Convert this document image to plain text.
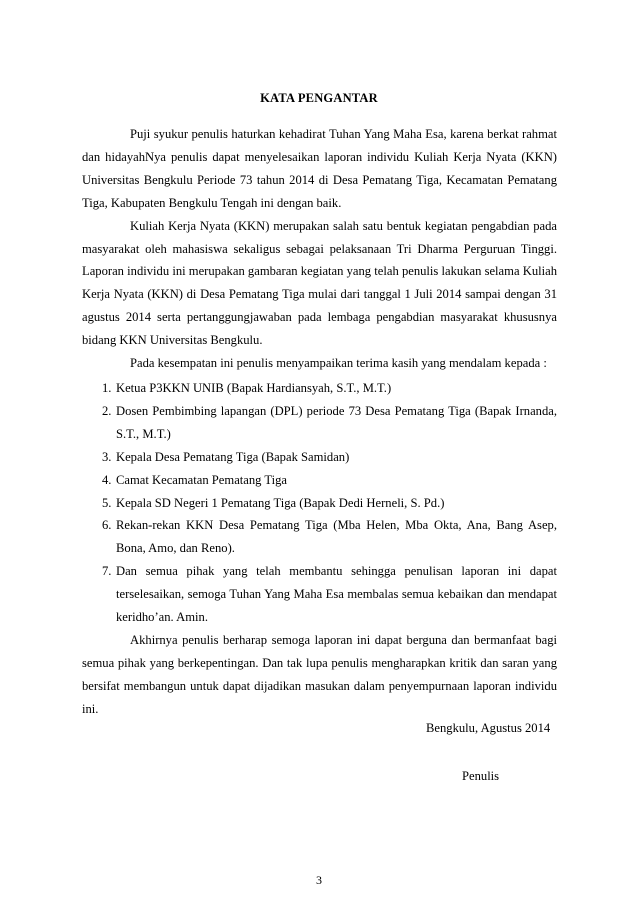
KATA PENGANTAR

Puji syukur penulis haturkan kehadirat Tuhan Yang Maha Esa, karena berkat rahmat dan hidayahNya penulis dapat menyelesaikan laporan individu Kuliah Kerja Nyata (KKN) Universitas Bengkulu Periode 73 tahun 2014 di Desa Pematang Tiga, Kecamatan Pematang Tiga, Kabupaten Bengkulu Tengah ini dengan baik.

Kuliah Kerja Nyata (KKN) merupakan salah satu bentuk kegiatan pengabdian pada masyarakat oleh mahasiswa sekaligus sebagai pelaksanaan Tri Dharma Perguruan Tinggi. Laporan individu ini merupakan gambaran kegiatan yang telah penulis lakukan selama Kuliah Kerja Nyata (KKN) di Desa Pematang Tiga mulai dari tanggal 1 Juli 2014 sampai dengan 31 agustus 2014 serta pertanggungjawaban pada lembaga pengabdian masyarakat khususnya bidang KKN Universitas Bengkulu.

Pada kesempatan ini penulis menyampaikan terima kasih yang mendalam kepada :

1. Ketua P3KKN UNIB (Bapak Hardiansyah, S.T., M.T.)
2. Dosen Pembimbing lapangan (DPL) periode 73 Desa Pematang Tiga (Bapak Irnanda, S.T., M.T.)
3. Kepala Desa Pematang Tiga (Bapak Samidan)
4. Camat Kecamatan Pematang Tiga
5. Kepala SD Negeri 1 Pematang Tiga (Bapak Dedi Herneli, S. Pd.)
6. Rekan-rekan KKN Desa Pematang Tiga (Mba Helen, Mba Okta, Ana, Bang Asep, Bona, Amo, dan Reno).
7. Dan semua pihak yang telah membantu sehingga penulisan laporan ini dapat terselesaikan, semoga Tuhan Yang Maha Esa membalas semua kebaikan dan mendapat keridho’an. Amin.

Akhirnya penulis berharap semoga laporan ini dapat berguna dan bermanfaat bagi semua pihak yang berkepentingan. Dan tak lupa penulis mengharapkan kritik dan saran yang bersifat membangun untuk dapat dijadikan masukan dalam penyempurnaan laporan individu ini.

Bengkulu, Agustus 2014
Penulis
3
